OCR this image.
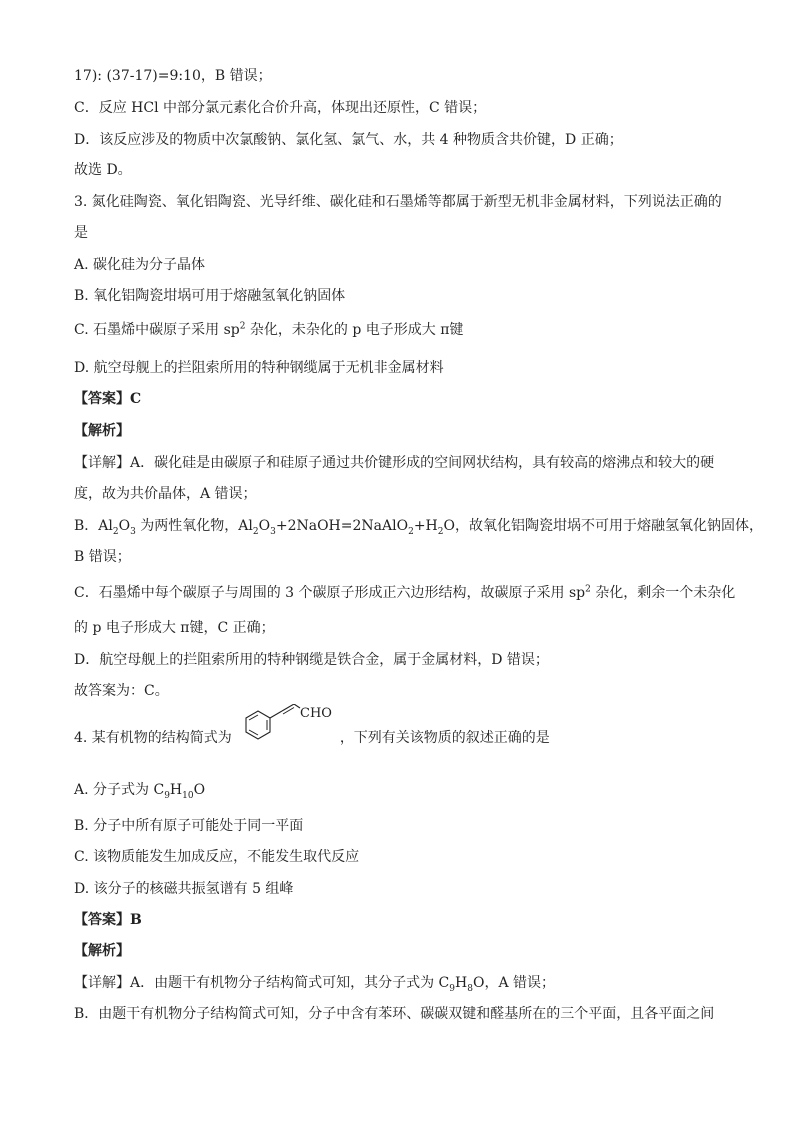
17): (37-17)=9:10，B 错误；
C．反应 HCl 中部分氯元素化合价升高，体现出还原性，C 错误；
D．该反应涉及的物质中次氯酸钠、氯化氢、氯气、水，共 4 种物质含共价键，D 正确；
故选 D。
3. 氮化硅陶瓷、氧化铝陶瓷、光导纤维、碳化硅和石墨烯等都属于新型无机非金属材料，下列说法正确的
是
A. 碳化硅为分子晶体
B. 氧化铝陶瓷坩埚可用于熔融氢氧化钠固体
C. 石墨烯中碳原子采用 $sp^2$ 杂化，未杂化的 p 电子形成大 π键
D. 航空母舰上的拦阻索所用的特种钢缆属于无机非金属材料
【答案】C
【解析】
【详解】A．碳化硅是由碳原子和硅原子通过共价键形成的空间网状结构，具有较高的熔沸点和较大的硬
度，故为共价晶体，A 错误；
B．$Al_2O_3$ 为两性氧化物，$Al_2O_3+2NaOH=2NaAlO_2+H_2O$，故氧化铝陶瓷坩埚不可用于熔融氢氧化钠固体，
B 错误；
C．石墨烯中每个碳原子与周围的 3 个碳原子形成正六边形结构，故碳原子采用 $sp^2$ 杂化，剩余一个未杂化
的 p 电子形成大 π键，C 正确；
D．航空母舰上的拦阻索所用的特种钢缆是铁合金，属于金属材料，D 错误；
故答案为：C。
4. 某有机物的结构简式为	，下列有关该物质的叙述正确的是
CHO
A. 分子式为 $C_9H_{10}O$
B. 分子中所有原子可能处于同一平面
C. 该物质能发生加成反应，不能发生取代反应
D. 该分子的核磁共振氢谱有 5 组峰
【答案】B
【解析】
【详解】A．由题干有机物分子结构简式可知，其分子式为 $C_9H_8O$，A 错误；
B．由题干有机物分子结构简式可知，分子中含有苯环、碳碳双键和醛基所在的三个平面，且各平面之间
